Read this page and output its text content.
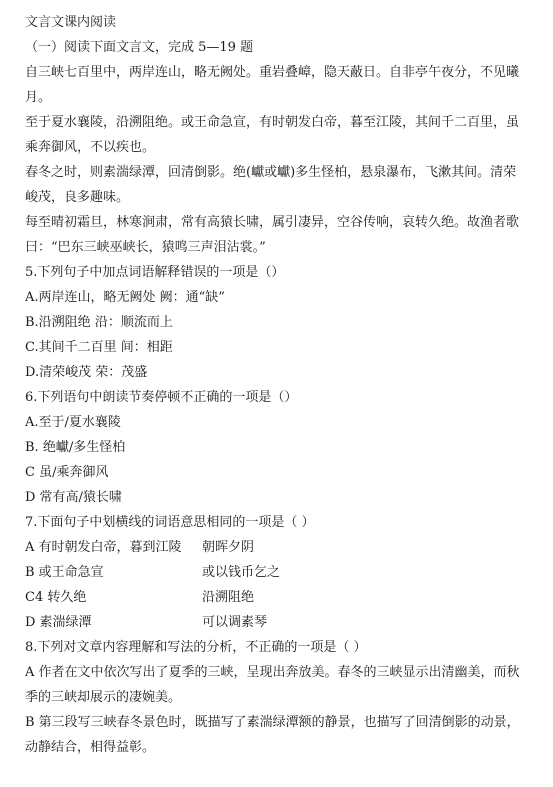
文言文课内阅读
（一）阅读下面文言文，完成 5—19 题
自三峡七百里中，两岸连山，略无阙处。重岩叠嶂，隐天蔽日。自非亭午夜分，不见曦
月。
至于夏水襄陵，沿溯阻绝。或王命急宣，有时朝发白帝，暮至江陵，其间千二百里，虽
乘奔御风，不以疾也。
春冬之时，则素湍绿潭，回清倒影。绝(巘或巘)多生怪柏，悬泉瀑布，飞漱其间。清荣
峻茂，良多趣味。
每至晴初霜旦，林寒涧肃，常有高猿长啸，属引凄异，空谷传响，哀转久绝。故渔者歌
曰：“巴东三峡巫峡长，猿鸣三声泪沾裳。”
5.下列句子中加点词语解释错误的一项是（）
A.两岸连山，略无阙处 阙：通“缺”
B.沿溯阻绝 沿：顺流而上
C.其间千二百里 间：相距
D.清荣峻茂 荣：茂盛
6.下列语句中朗读节奏停顿不正确的一项是（）
A.至于/夏水襄陵
B. 绝巘/多生怪柏
C 虽/乘奔御风
D 常有高/猿长啸
7.下面句子中划横线的词语意思相同的一项是（ ）
A 有时朝发白帝，暮到江陵 朝晖夕阴
B 或王命急宣	或以钱币乞之
C4 转久绝	沿溯阻绝
D 素湍绿潭	可以调素琴
8.下列对文章内容理解和写法的分析，不正确的一项是（ ）
A 作者在文中依次写出了夏季的三峡，呈现出奔放美。春冬的三峡显示出清幽美，而秋
季的三峡却展示的凄婉美。
B 第三段写三峡春冬景色时，既描写了素湍绿潭额的静景，也描写了回清倒影的动景，
动静结合，相得益彰。
